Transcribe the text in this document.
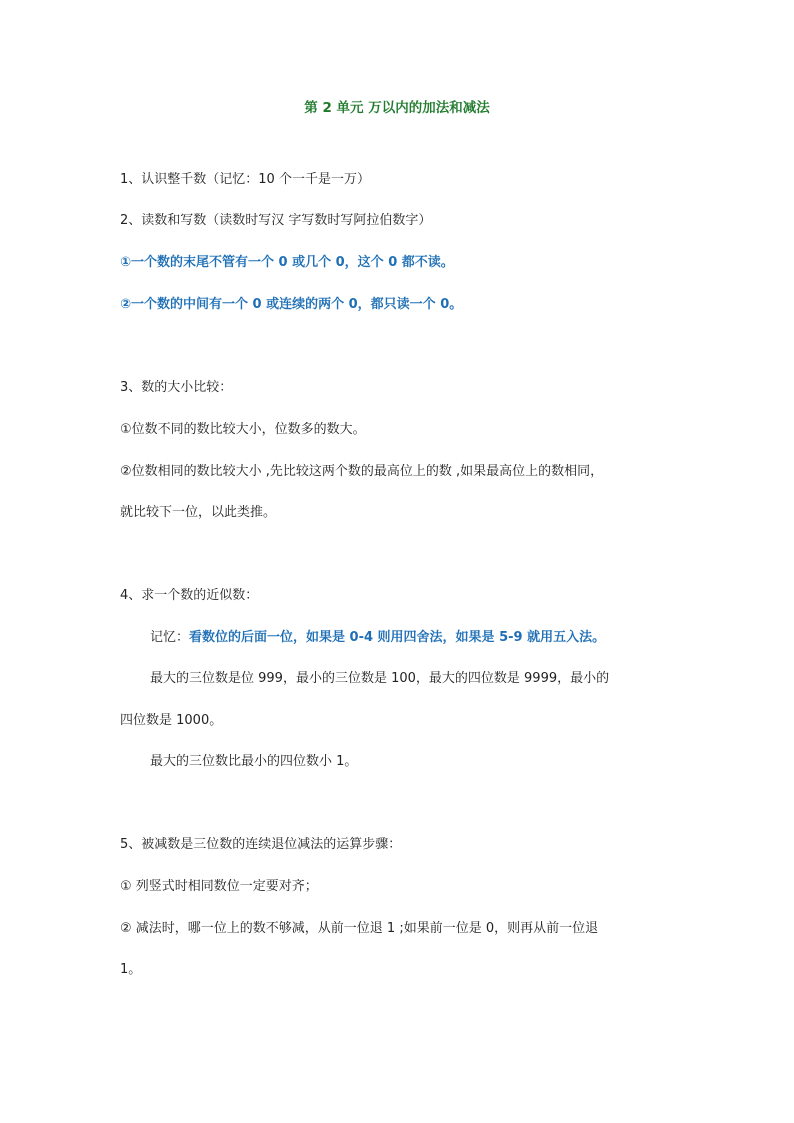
第 2 单元 万以内的加法和减法
1、认识整千数（记忆：10 个一千是一万）
2、读数和写数（读数时写汉 字写数时写阿拉伯数字）
①一个数的末尾不管有一个 0 或几个 0，这个 0 都不读。
②一个数的中间有一个 0 或连续的两个 0，都只读一个 0。
3、数的大小比较：
①位数不同的数比较大小，位数多的数大。
②位数相同的数比较大小 ,先比较这两个数的最高位上的数 ,如果最高位上的数相同，
就比较下一位，以此类推。
4、求一个数的近似数：
记忆：看数位的后面一位，如果是 0-4 则用四舍法，如果是 5-9 就用五入法。
最大的三位数是位 999，最小的三位数是 100，最大的四位数是 9999，最小的
四位数是 1000。
最大的三位数比最小的四位数小 1。
5、被减数是三位数的连续退位减法的运算步骤：
① 列竖式时相同数位一定要对齐；
② 减法时，哪一位上的数不够减，从前一位退 1 ;如果前一位是 0，则再从前一位退
1。
